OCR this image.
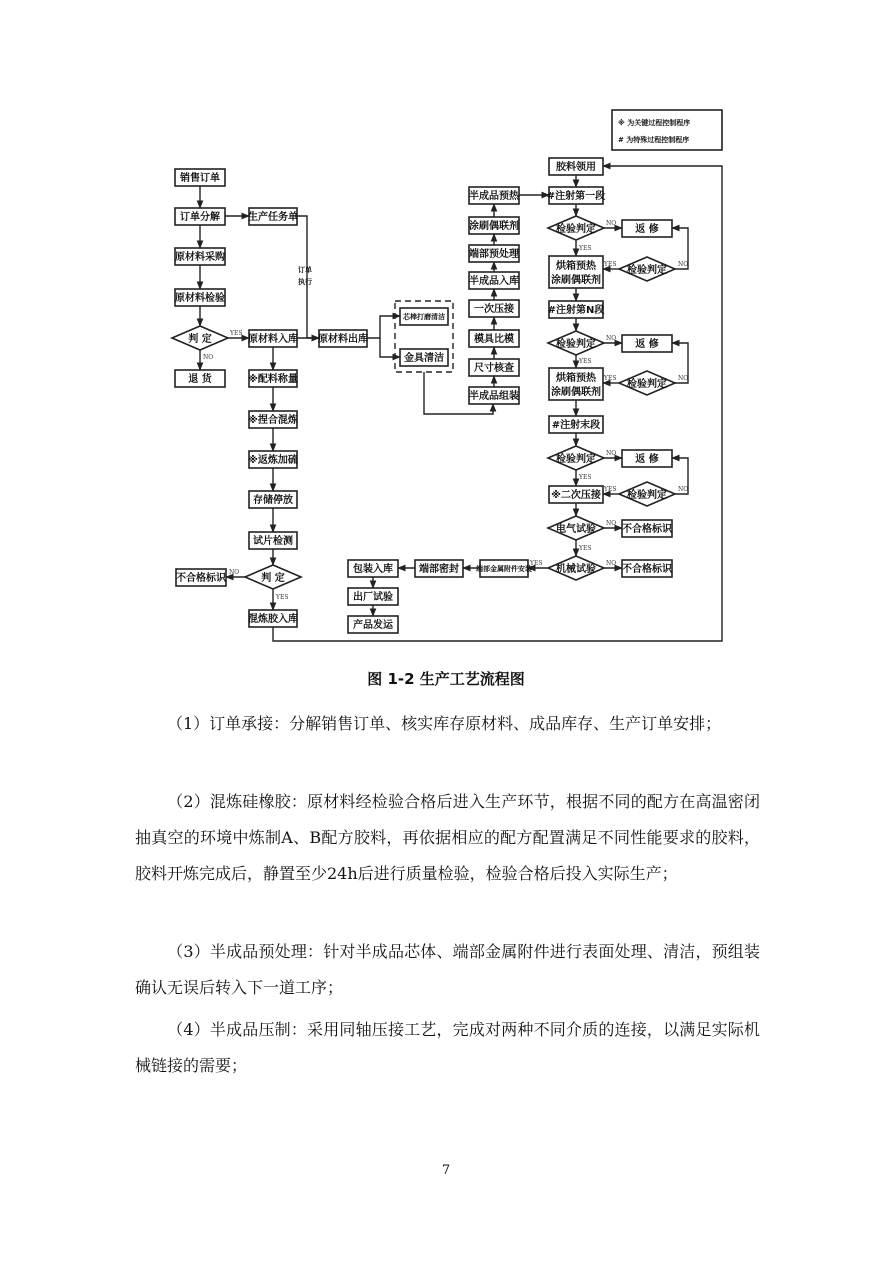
※ 为关键过程控制程序
# 为特殊过程控制程序
销售订单
订单分解
原材料采购
原材料检验
判 定
退 货
NO
YES
生产任务单
订单
执行
原材料入库
※配料称量
※捏合混炼
※返炼加硫
存储停放
试片检测
判 定
混炼胶入库
不合格标识
NO
YES
原材料出库
芯棒打磨清洁
金具清洁
半成品预热
涂刷偶联剂
端部预处理
半成品入库
一次压接
模具比模
尺寸核查
半成品组装
胶料领用
#注射第一段
检验判定
NO
返 修
YES
烘箱预热
涂刷偶联剂
检验判定
YES	NO
#注射第N段
检验判定
NO
返 修
YES
烘箱预热
涂刷偶联剂
检验判定
YES	NO
#注射末段
检验判定
NO
返 修
YES
※二次压接	检验判定
YES	NO
电气试验
NO
不合格标识
YES
机械试验
NO
不合格标识
YES
端部金属附件安装
端部密封
包装入库
出厂试验
产品发运
图 1-2 生产工艺流程图

（1）订单承接：分解销售订单、核实库存原材料、成品库存、生产订单安排；

（2）混炼硅橡胶：原材料经检验合格后进入生产环节，根据不同的配方在高温密闭抽真空的环境中炼制A、B配方胶料，再依据相应的配方配置满足不同性能要求的胶料，胶料开炼完成后，静置至少24h后进行质量检验，检验合格后投入实际生产；

（3）半成品预处理：针对半成品芯体、端部金属附件进行表面处理、清洁，预组装确认无误后转入下一道工序；

（4）半成品压制：采用同轴压接工艺，完成对两种不同介质的连接，以满足实际机械链接的需要；

7
